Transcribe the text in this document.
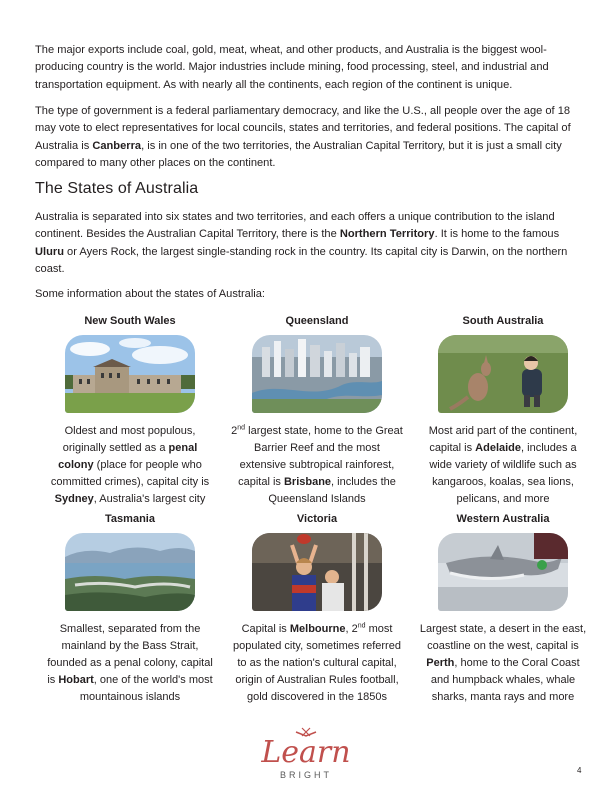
The major exports include coal, gold, meat, wheat, and other products, and Australia is the biggest wool-producing country is the world. Major industries include mining, food processing, steel, and industrial and transportation equipment. As with nearly all the continents, each region of the continent is unique.

The type of government is a federal parliamentary democracy, and like the U.S., all people over the age of 18 may vote to elect representatives for local councils, states and territories, and federal positions. The capital of Australia is Canberra, is in one of the two territories, the Australian Capital Territory, but it is just a small city compared to many other places on the continent.

The States of Australia

Australia is separated into six states and two territories, and each offers a unique contribution to the island continent. Besides the Australian Capital Territory, there is the Northern Territory. It is home to the famous Uluru or Ayers Rock, the largest single-standing rock in the country. Its capital city is Darwin, on the northern coast.

Some information about the states of Australia:

New South Wales
Oldest and most populous, originally settled as a penal colony (place for people who committed crimes), capital city is Sydney, Australia's largest city
Queensland
2nd largest state, home to the Great Barrier Reef and the most extensive subtropical rainforest, capital is Brisbane, includes the Queensland Islands
South Australia
Most arid part of the continent, capital is Adelaide, includes a wide variety of wildlife such as kangaroos, koalas, sea lions, pelicans, and more
Tasmania
Smallest, separated from the mainland by the Bass Strait, founded as a penal colony, capital is Hobart, one of the world's most mountainous islands
Victoria
Capital is Melbourne, 2nd most populated city, sometimes referred to as the nation's cultural capital, origin of Australian Rules football, gold discovered in the 1850s
Western Australia
Largest state, a desert in the east, coastline on the west, capital is Perth, home to the Coral Coast and humpback whales, whale sharks, manta rays and more
Learn
BRIGHT	4
